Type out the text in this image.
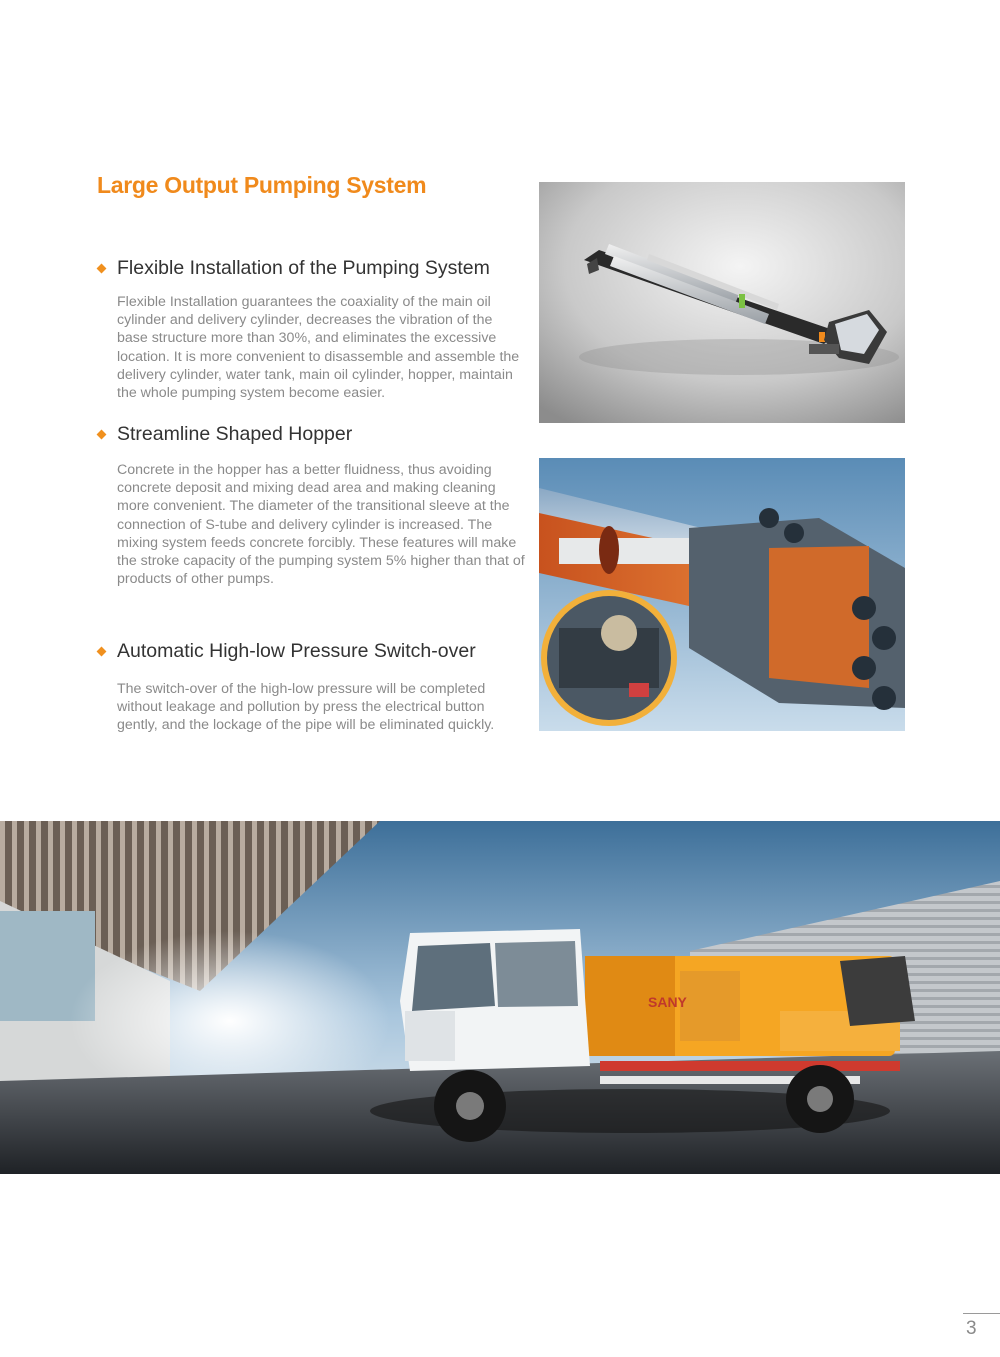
Large Output Pumping System
Flexible Installation of the Pumping System
Flexible Installation guarantees the coaxiality of the main oil cylinder and delivery cylinder, decreases the vibration of the base structure more than 30%, and eliminates the excessive location. It is more convenient to disassemble and assemble the delivery cylinder, water tank, main oil cylinder, hopper, maintain the whole pumping system become easier.
Streamline Shaped Hopper
Concrete in the hopper has a better fluidness, thus avoiding concrete deposit and mixing dead area and making cleaning more convenient. The diameter of the transitional sleeve at the connection of S-tube and delivery cylinder is increased. The mixing system feeds concrete forcibly. These features will make the stroke capacity of the pumping system 5% higher than that of products of other pumps.
Automatic High-low Pressure Switch-over
The switch-over of the high-low pressure will be completed without leakage and pollution by press the electrical button gently, and the lockage of the pipe will be eliminated quickly.
SANY
3
